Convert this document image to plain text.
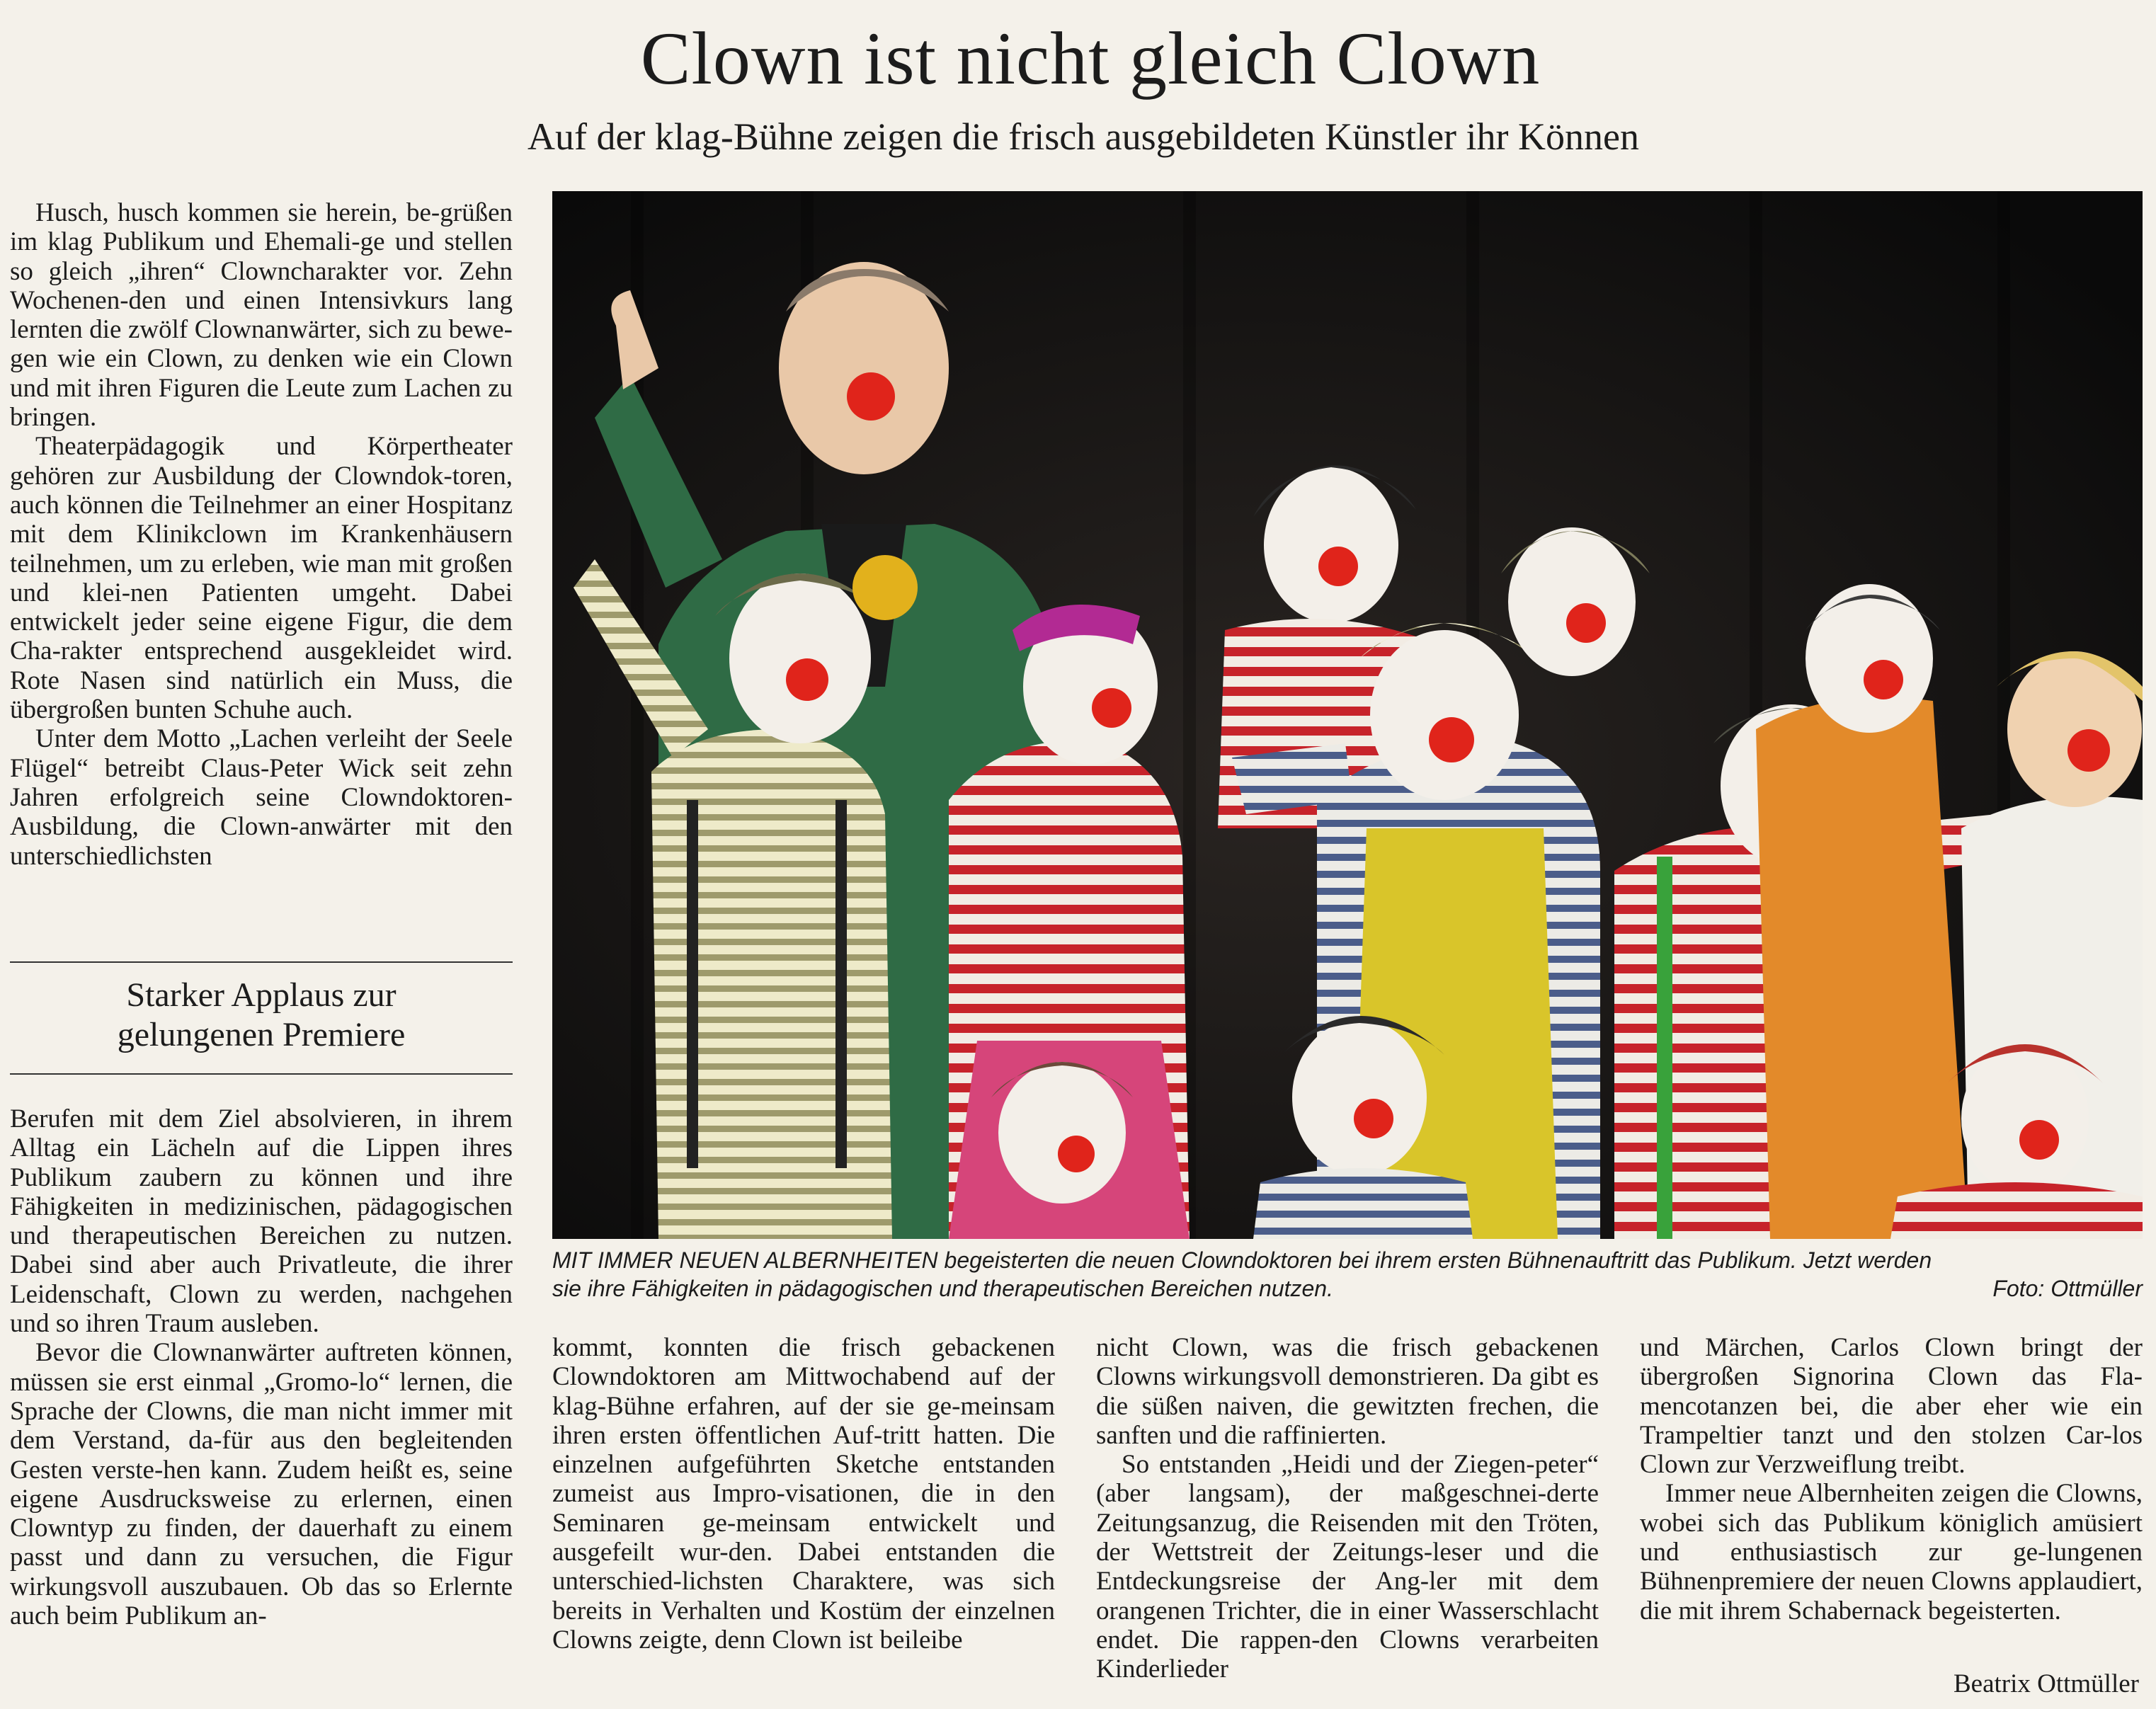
Clown ist nicht gleich Clown
Auf der klag-Bühne zeigen die frisch ausgebildeten Künstler ihr Können

Husch, husch kommen sie herein, be-grüßen im klag Publikum und Ehemali-ge und stellen so gleich „ihren“ Clowncharakter vor. Zehn Wochenen-den und einen Intensivkurs lang lernten die zwölf Clownanwärter, sich zu bewe-gen wie ein Clown, zu denken wie ein Clown und mit ihren Figuren die Leute zum Lachen zu bringen.

Theaterpädagogik und Körpertheater gehören zur Ausbildung der Clowndok-toren, auch können die Teilnehmer an einer Hospitanz mit dem Klinikclown im Krankenhäusern teilnehmen, um zu erleben, wie man mit großen und klei-nen Patienten umgeht. Dabei entwickelt jeder seine eigene Figur, die dem Cha-rakter entsprechend ausgekleidet wird. Rote Nasen sind natürlich ein Muss, die übergroßen bunten Schuhe auch.

Unter dem Motto „Lachen verleiht der Seele Flügel“ betreibt Claus-Peter Wick seit zehn Jahren erfolgreich seine Clowndoktoren-Ausbildung, die Clown-anwärter mit den unterschiedlichsten

Starker Applaus zur
gelungenen Premiere

Berufen mit dem Ziel absolvieren, in ihrem Alltag ein Lächeln auf die Lippen ihres Publikum zaubern zu können und ihre Fähigkeiten in medizinischen, pädagogischen und therapeutischen Bereichen zu nutzen. Dabei sind aber auch Privatleute, die ihrer Leidenschaft, Clown zu werden, nachgehen und so ihren Traum ausleben.

Bevor die Clownanwärter auftreten können, müssen sie erst einmal „Gromo-lo“ lernen, die Sprache der Clowns, die man nicht immer mit dem Verstand, da-für aus den begleitenden Gesten verste-hen kann. Zudem heißt es, seine eigene Ausdrucksweise zu erlernen, einen Clowntyp zu finden, der dauerhaft zu einem passt und dann zu versuchen, die Figur wirkungsvoll auszubauen. Ob das so Erlernte auch beim Publikum an-

MIT IMMER NEUEN ALBERNHEITEN begeisterten die neuen Clowndoktoren bei ihrem ersten Bühnenauftritt das Publikum. Jetzt werden sie ihre Fähigkeiten in pädagogischen und therapeutischen Bereichen nutzen.	Foto: Ottmüller

kommt, konnten die frisch gebackenen Clowndoktoren am Mittwochabend auf der klag-Bühne erfahren, auf der sie ge-meinsam ihren ersten öffentlichen Auf-tritt hatten. Die einzelnen aufgeführten Sketche entstanden zumeist aus Impro-visationen, die in den Seminaren ge-meinsam entwickelt und ausgefeilt wur-den. Dabei entstanden die unterschied-lichsten Charaktere, was sich bereits in Verhalten und Kostüm der einzelnen Clowns zeigte, denn Clown ist beileibe

nicht Clown, was die frisch gebackenen Clowns wirkungsvoll demonstrieren. Da gibt es die süßen naiven, die gewitzten frechen, die sanften und die raffinierten.

So entstanden „Heidi und der Ziegen-peter“ (aber langsam), der maßgeschnei-derte Zeitungsanzug, die Reisenden mit den Tröten, der Wettstreit der Zeitungs-leser und die Entdeckungsreise der Ang-ler mit dem orangenen Trichter, die in einer Wasserschlacht endet. Die rappen-den Clowns verarbeiten Kinderlieder

und Märchen, Carlos Clown bringt der übergroßen Signorina Clown das Fla-mencotanzen bei, die aber eher wie ein Trampeltier tanzt und den stolzen Car-los Clown zur Verzweiflung treibt.

Immer neue Albernheiten zeigen die Clowns, wobei sich das Publikum königlich amüsiert und enthusiastisch zur ge-lungenen Bühnenpremiere der neuen Clowns applaudiert, die mit ihrem Schabernack begeisterten.

Beatrix Ottmüller
